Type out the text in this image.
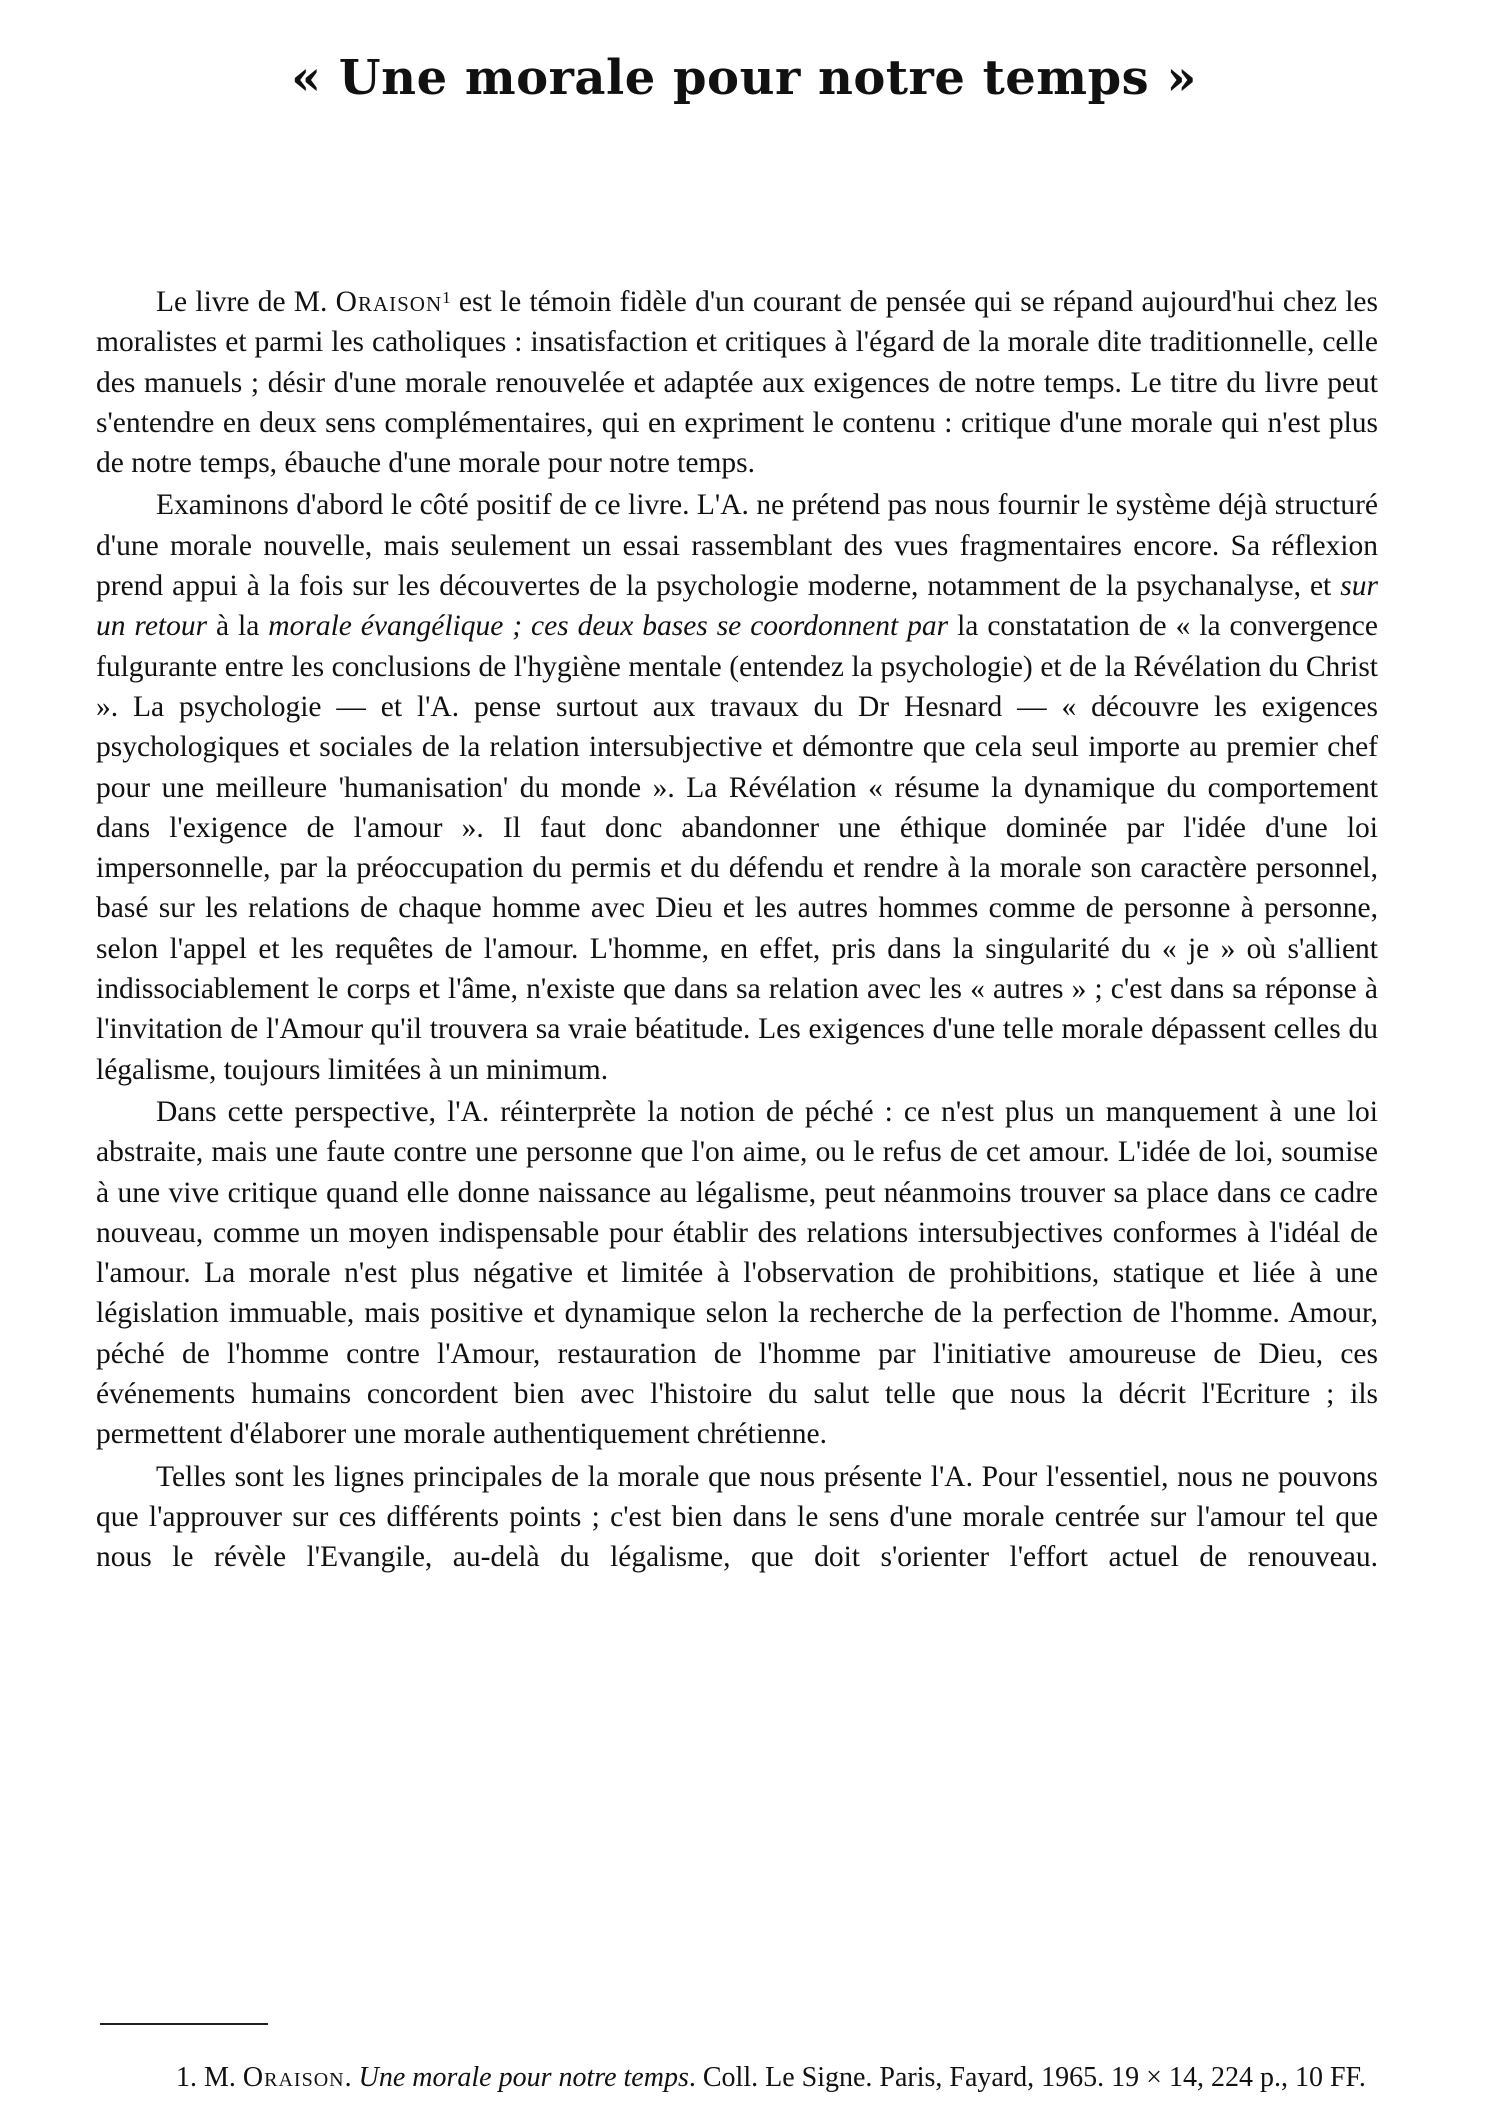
« Une morale pour notre temps »

Le livre de M. Oraison$^1$ est le témoin fidèle d'un courant de pensée qui se répand aujourd'hui chez les moralistes et parmi les catholiques : insatisfaction et critiques à l'égard de la morale dite traditionnelle, celle des manuels ; désir d'une morale renouvelée et adaptée aux exigences de notre temps. Le titre du livre peut s'entendre en deux sens complémentaires, qui en expriment le contenu : critique d'une morale qui n'est plus de notre temps, ébauche d'une morale pour notre temps.

Examinons d'abord le côté positif de ce livre. L'A. ne prétend pas nous fournir le système déjà structuré d'une morale nouvelle, mais seulement un essai rassemblant des vues fragmentaires encore. Sa réflexion prend appui à la fois sur les découvertes de la psychologie moderne, notamment de la psychanalyse, et sur un retour à la morale évangélique ; ces deux bases se coordonnent par la constatation de « la convergence fulgurante entre les conclusions de l'hygiène mentale (entendez la psychologie) et de la Révélation du Christ ». La psychologie — et l'A. pense surtout aux travaux du Dr Hesnard — « découvre les exigences psychologiques et sociales de la relation intersubjective et démontre que cela seul importe au premier chef pour une meilleure 'humanisation' du monde ». La Révélation « résume la dynamique du comportement dans l'exigence de l'amour ». Il faut donc abandonner une éthique dominée par l'idée d'une loi impersonnelle, par la préoccupation du permis et du défendu et rendre à la morale son caractère personnel, basé sur les relations de chaque homme avec Dieu et les autres hommes comme de personne à personne, selon l'appel et les requêtes de l'amour. L'homme, en effet, pris dans la singularité du « je » où s'allient indissociablement le corps et l'âme, n'existe que dans sa relation avec les « autres » ; c'est dans sa réponse à l'invitation de l'Amour qu'il trouvera sa vraie béatitude. Les exigences d'une telle morale dépassent celles du légalisme, toujours limitées à un minimum.

Dans cette perspective, l'A. réinterprète la notion de péché : ce n'est plus un manquement à une loi abstraite, mais une faute contre une personne que l'on aime, ou le refus de cet amour. L'idée de loi, soumise à une vive critique quand elle donne naissance au légalisme, peut néanmoins trouver sa place dans ce cadre nouveau, comme un moyen indispensable pour établir des relations intersubjectives conformes à l'idéal de l'amour. La morale n'est plus négative et limitée à l'observation de prohibitions, statique et liée à une législation immuable, mais positive et dynamique selon la recherche de la perfection de l'homme. Amour, péché de l'homme contre l'Amour, restauration de l'homme par l'initiative amoureuse de Dieu, ces événements humains concordent bien avec l'histoire du salut telle que nous la décrit l'Ecriture ; ils permettent d'élaborer une morale authentiquement chrétienne.

Telles sont les lignes principales de la morale que nous présente l'A. Pour l'essentiel, nous ne pouvons que l'approuver sur ces différents points ; c'est bien dans le sens d'une morale centrée sur l'amour tel que nous le révèle l'Evangile, au-delà du légalisme, que doit s'orienter l'effort actuel de renouveau.

1. M. Oraison. Une morale pour notre temps. Coll. Le Signe. Paris, Fayard, 1965. 19 × 14, 224 p., 10 FF.
